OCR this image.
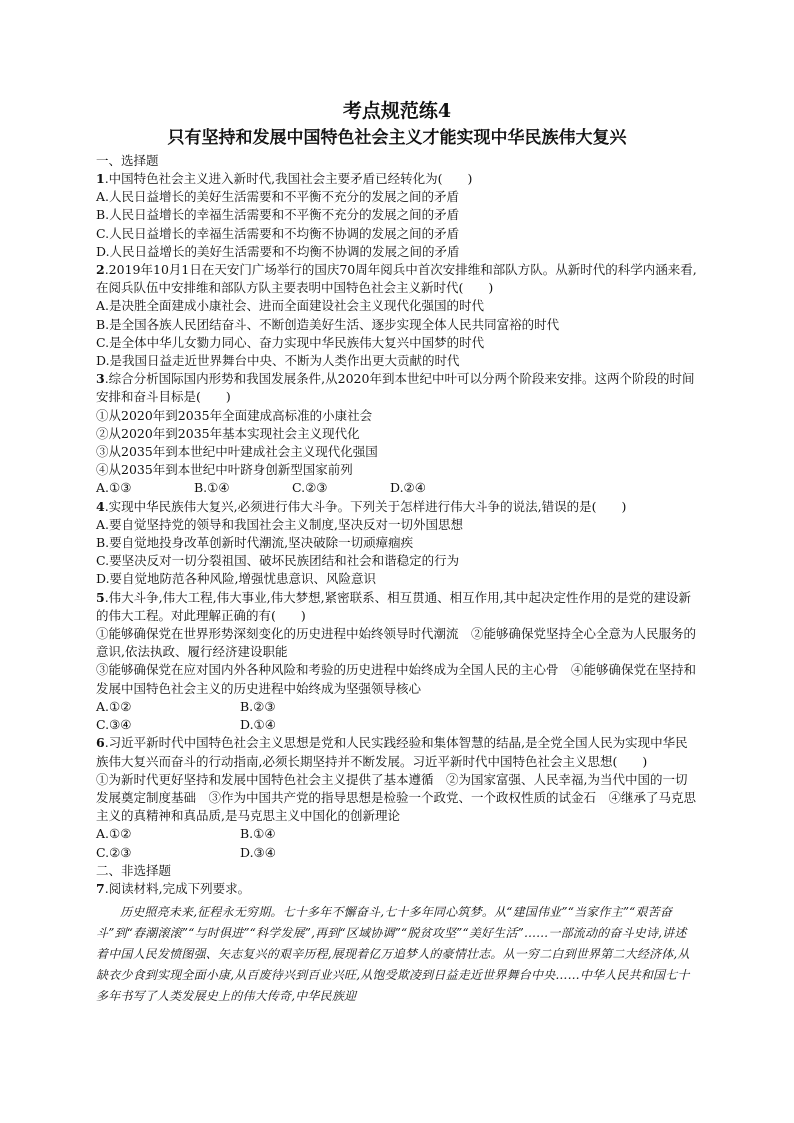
考点规范练4
只有坚持和发展中国特色社会主义才能实现中华民族伟大复兴

一、选择题

1.中国特色社会主义进入新时代,我国社会主要矛盾已经转化为(　　)

A.人民日益增长的美好生活需要和不平衡不充分的发展之间的矛盾

B.人民日益增长的幸福生活需要和不平衡不充分的发展之间的矛盾

C.人民日益增长的幸福生活需要和不均衡不协调的发展之间的矛盾

D.人民日益增长的美好生活需要和不均衡不协调的发展之间的矛盾

2.2019年10月1日在天安门广场举行的国庆70周年阅兵中首次安排维和部队方队。从新时代的科学内涵来看,在阅兵队伍中安排维和部队方队主要表明中国特色社会主义新时代(　　)

A.是决胜全面建成小康社会、进而全面建设社会主义现代化强国的时代

B.是全国各族人民团结奋斗、不断创造美好生活、逐步实现全体人民共同富裕的时代

C.是全体中华儿女勠力同心、奋力实现中华民族伟大复兴中国梦的时代

D.是我国日益走近世界舞台中央、不断为人类作出更大贡献的时代

3.综合分析国际国内形势和我国发展条件,从2020年到本世纪中叶可以分两个阶段来安排。这两个阶段的时间安排和奋斗目标是(　　)

①从2020年到2035年全面建成高标准的小康社会

②从2020年到2035年基本实现社会主义现代化

③从2035年到本世纪中叶建成社会主义现代化强国

④从2035年到本世纪中叶跻身创新型国家前列

A.①③	B.①④	C.②③	D.②④

4.实现中华民族伟大复兴,必须进行伟大斗争。下列关于怎样进行伟大斗争的说法,错误的是(　　)

A.要自觉坚持党的领导和我国社会主义制度,坚决反对一切外国思想

B.要自觉地投身改革创新时代潮流,坚决破除一切顽瘴痼疾

C.要坚决反对一切分裂祖国、破坏民族团结和社会和谐稳定的行为

D.要自觉地防范各种风险,增强忧患意识、风险意识

5.伟大斗争,伟大工程,伟大事业,伟大梦想,紧密联系、相互贯通、相互作用,其中起决定性作用的是党的建设新的伟大工程。对此理解正确的有(　　)

①能够确保党在世界形势深刻变化的历史进程中始终领导时代潮流　②能够确保党坚持全心全意为人民服务的意识,依法执政、履行经济建设职能

③能够确保党在应对国内外各种风险和考验的历史进程中始终成为全国人民的主心骨　④能够确保党在坚持和发展中国特色社会主义的历史进程中始终成为坚强领导核心

A.①②	B.②③
C.③④	D.①④

6.习近平新时代中国特色社会主义思想是党和人民实践经验和集体智慧的结晶,是全党全国人民为实现中华民族伟大复兴而奋斗的行动指南,必须长期坚持并不断发展。习近平新时代中国特色社会主义思想(　　)

①为新时代更好坚持和发展中国特色社会主义提供了基本遵循　②为国家富强、人民幸福,为当代中国的一切发展奠定制度基础　③作为中国共产党的指导思想是检验一个政党、一个政权性质的试金石　④继承了马克思主义的真精神和真品质,是马克思主义中国化的创新理论

A.①②	B.①④
C.②③	D.③④

二、非选择题

7.阅读材料,完成下列要求。

历史照亮未来,征程永无穷期。七十多年不懈奋斗,七十多年同心筑梦。从“建国伟业”“当家作主”“艰苦奋斗”到“春潮滚滚”“与时俱进”“科学发展”,再到“区域协调”“脱贫攻坚”“美好生活”……一部流动的奋斗史诗,讲述着中国人民发愤图强、矢志复兴的艰辛历程,展现着亿万追梦人的豪情壮志。从一穷二白到世界第二大经济体,从缺衣少食到实现全面小康,从百废待兴到百业兴旺,从饱受欺凌到日益走近世界舞台中央……中华人民共和国七十多年书写了人类发展史上的伟大传奇,中华民族迎
